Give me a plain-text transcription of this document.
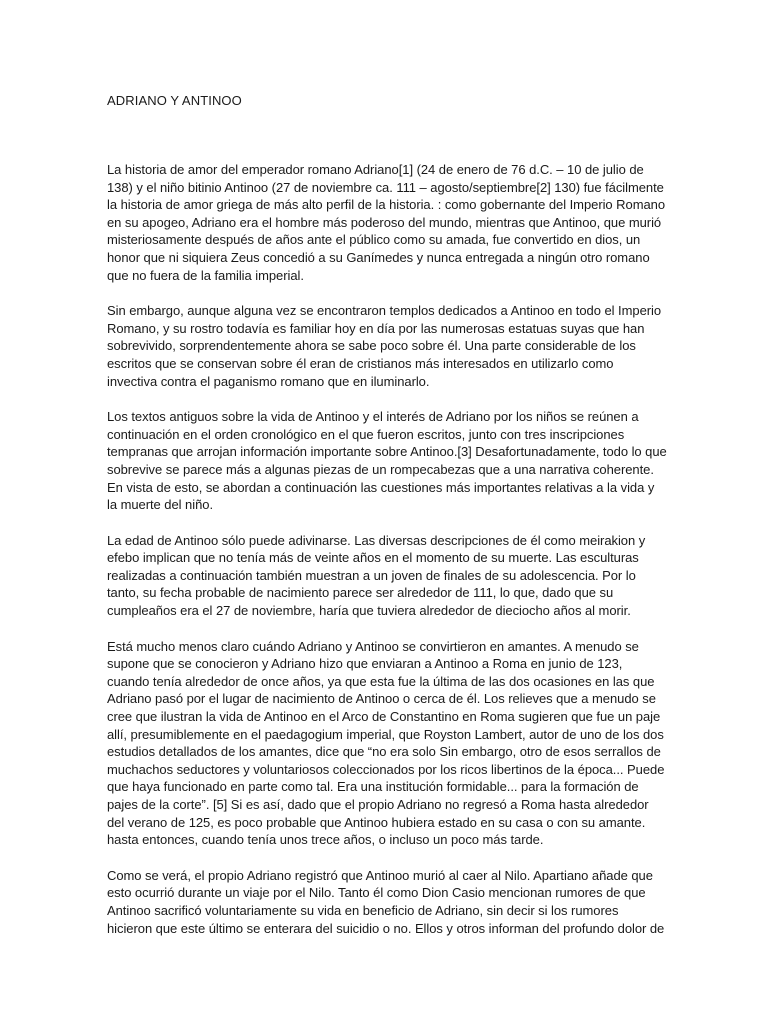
ADRIANO Y ANTINOO

La historia de amor del emperador romano Adriano[1] (24 de enero de 76 d.C. – 10 de julio de 138) y el niño bitinio Antinoo (27 de noviembre ca. 111 – agosto/septiembre[2] 130) fue fácilmente la historia de amor griega de más alto perfil de la historia. : como gobernante del Imperio Romano en su apogeo, Adriano era el hombre más poderoso del mundo, mientras que Antinoo, que murió misteriosamente después de años ante el público como su amada, fue convertido en dios, un honor que ni siquiera Zeus concedió a su Ganímedes y nunca entregada a ningún otro romano que no fuera de la familia imperial.

Sin embargo, aunque alguna vez se encontraron templos dedicados a Antinoo en todo el Imperio Romano, y su rostro todavía es familiar hoy en día por las numerosas estatuas suyas que han sobrevivido, sorprendentemente ahora se sabe poco sobre él. Una parte considerable de los escritos que se conservan sobre él eran de cristianos más interesados en utilizarlo como invectiva contra el paganismo romano que en iluminarlo.

Los textos antiguos sobre la vida de Antinoo y el interés de Adriano por los niños se reúnen a continuación en el orden cronológico en el que fueron escritos, junto con tres inscripciones tempranas que arrojan información importante sobre Antinoo.[3] Desafortunadamente, todo lo que sobrevive se parece más a algunas piezas de un rompecabezas que a una narrativa coherente. En vista de esto, se abordan a continuación las cuestiones más importantes relativas a la vida y la muerte del niño.

La edad de Antinoo sólo puede adivinarse. Las diversas descripciones de él como meirakion y efebo implican que no tenía más de veinte años en el momento de su muerte. Las esculturas realizadas a continuación también muestran a un joven de finales de su adolescencia. Por lo tanto, su fecha probable de nacimiento parece ser alrededor de 111, lo que, dado que su cumpleaños era el 27 de noviembre, haría que tuviera alrededor de dieciocho años al morir.

Está mucho menos claro cuándo Adriano y Antinoo se convirtieron en amantes. A menudo se supone que se conocieron y Adriano hizo que enviaran a Antinoo a Roma en junio de 123, cuando tenía alrededor de once años, ya que esta fue la última de las dos ocasiones en las que Adriano pasó por el lugar de nacimiento de Antinoo o cerca de él. Los relieves que a menudo se cree que ilustran la vida de Antinoo en el Arco de Constantino en Roma sugieren que fue un paje allí, presumiblemente en el paedagogium imperial, que Royston Lambert, autor de uno de los dos estudios detallados de los amantes, dice que “no era solo Sin embargo, otro de esos serrallos de muchachos seductores y voluntariosos coleccionados por los ricos libertinos de la época... Puede que haya funcionado en parte como tal. Era una institución formidable... para la formación de pajes de la corte”. [5] Si es así, dado que el propio Adriano no regresó a Roma hasta alrededor del verano de 125, es poco probable que Antinoo hubiera estado en su casa o con su amante. hasta entonces, cuando tenía unos trece años, o incluso un poco más tarde.

Como se verá, el propio Adriano registró que Antinoo murió al caer al Nilo. Apartiano añade que esto ocurrió durante un viaje por el Nilo. Tanto él como Dion Casio mencionan rumores de que Antinoo sacrificó voluntariamente su vida en beneficio de Adriano, sin decir si los rumores hicieron que este último se enterara del suicidio o no. Ellos y otros informan del profundo dolor de
